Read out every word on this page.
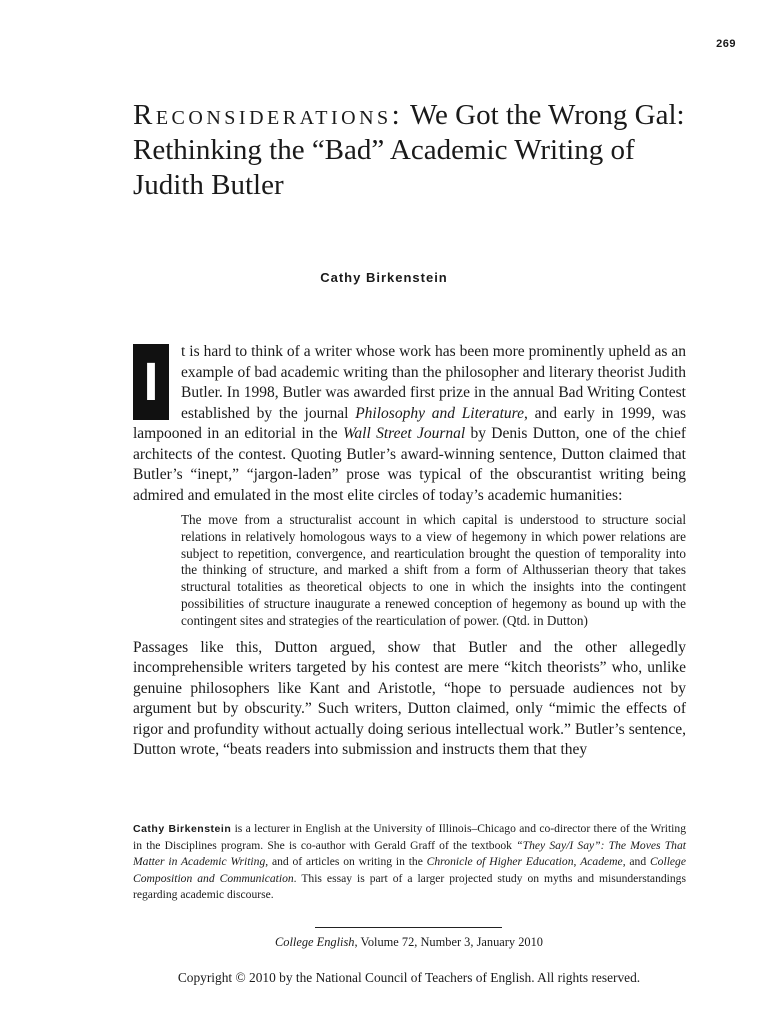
269
Reconsiderations: We Got the Wrong Gal: Rethinking the “Bad” Academic Writing of Judith Butler
Cathy Birkenstein

I
t is hard to think of a writer whose work has been more prominently upheld as an example of bad academic writing than the philosopher and literary theorist Judith Butler. In 1998, Butler was awarded first prize in the annual Bad Writing Contest established by the journal Philosophy and Literature, and early in 1999, was lampooned in an editorial in the Wall Street Journal by Denis Dutton, one of the chief architects of the contest. Quoting Butler’s award-winning sentence, Dutton claimed that Butler’s “inept,” “jargon-laden” prose was typical of the obscurantist writing being admired and emulated in the most elite circles of today’s academic humanities:

The move from a structuralist account in which capital is understood to structure social relations in relatively homologous ways to a view of hegemony in which power relations are subject to repetition, convergence, and rearticulation brought the question of temporality into the thinking of structure, and marked a shift from a form of Althusserian theory that takes structural totalities as theoretical objects to one in which the insights into the contingent possibilities of structure inaugurate a renewed conception of hegemony as bound up with the contingent sites and strategies of the rearticulation of power. (Qtd. in Dutton)

Passages like this, Dutton argued, show that Butler and the other allegedly incomprehensible writers targeted by his contest are mere “kitch theorists” who, unlike genuine philosophers like Kant and Aristotle, “hope to persuade audiences not by argument but by obscurity.” Such writers, Dutton claimed, only “mimic the effects of rigor and profundity without actually doing serious intellectual work.” Butler’s sentence, Dutton wrote, “beats readers into submission and instructs them that they

Cathy Birkenstein is a lecturer in English at the University of Illinois–Chicago and co-director there of the Writing in the Disciplines program. She is co-author with Gerald Graff of the textbook “They Say/I Say”: The Moves That Matter in Academic Writing, and of articles on writing in the Chronicle of Higher Education, Academe, and College Composition and Communication. This essay is part of a larger projected study on myths and misunderstandings regarding academic discourse.
College English, Volume 72, Number 3, January 2010
Copyright © 2010 by the National Council of Teachers of English. All rights reserved.
